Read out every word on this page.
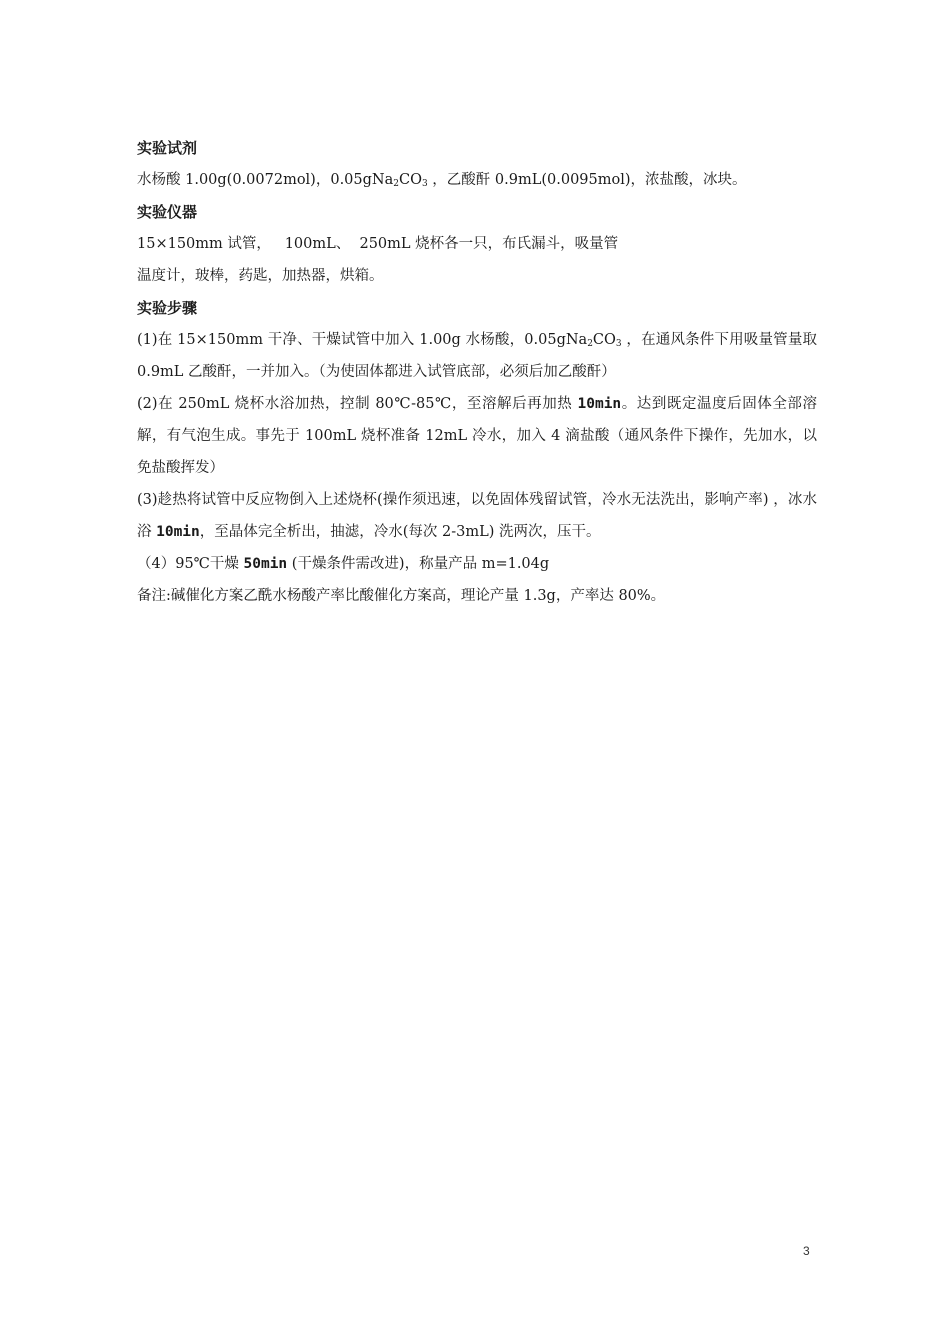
实验试剂
水杨酸 1.00g(0.0072mol)，$0.05gNa_2CO_3$ ，乙酸酐 0.9mL(0.0095mol)，浓盐酸，冰块。
实验仪器
15×150mm 试管，   100mL、  250mL 烧杯各一只，布氏漏斗，吸量管
温度计，玻棒，药匙，加热器，烘箱。
实验步骤
(1)在 15×150mm 干净、干燥试管中加入 1.00g 水杨酸，$0.05gNa_2CO_3$ ，在通风条件下用吸量管量取 0.9mL 乙酸酐，一并加入。（为使固体都进入试管底部，必须后加乙酸酐）
(2)在 250mL 烧杯水浴加热，控制 80℃-85℃，至溶解后再加热 10min。达到既定温度后固体全部溶解，有气泡生成。事先于 100mL 烧杯准备 12mL 冷水，加入 4 滴盐酸（通风条件下操作，先加水，以免盐酸挥发）
(3)趁热将试管中反应物倒入上述烧杯(操作须迅速，以免固体残留试管，冷水无法洗出，影响产率) ，冰水浴 10min，至晶体完全析出，抽滤，冷水(每次 2-3mL) 洗两次，压干。
（4）95℃干燥 50min (干燥条件需改进)，称量产品 m=1.04g
备注:碱催化方案乙酰水杨酸产率比酸催化方案高，理论产量 1.3g，产率达 80%。
3
